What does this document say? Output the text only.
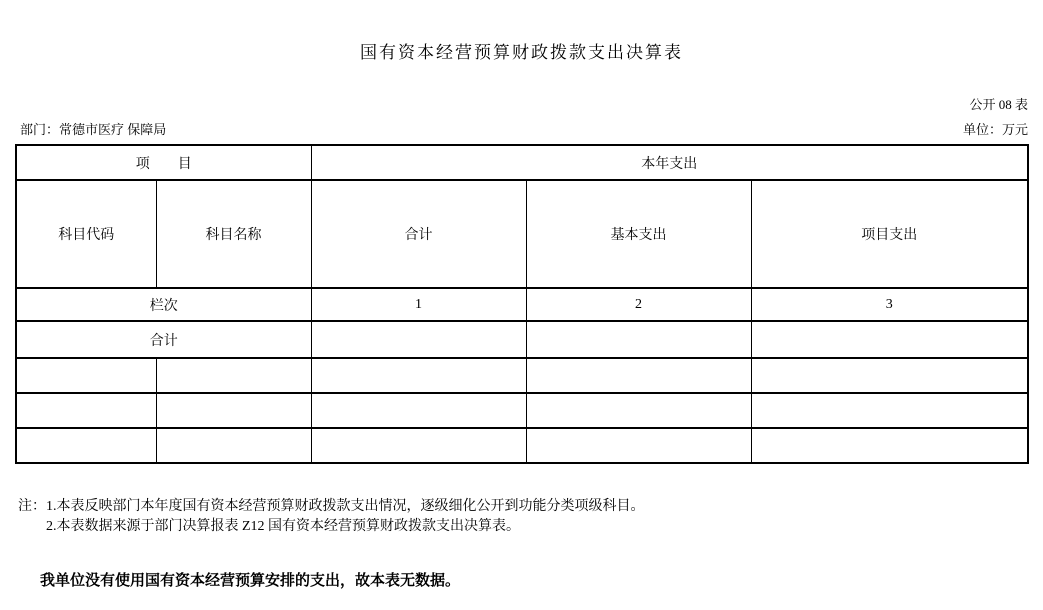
国有资本经营预算财政拨款支出决算表
公开 08 表
部门：常德市医疗 保障局	单位：万元
项　　目		本年支出		
科目代码	科目名称	合计	基本支出	项目支出
栏次		1	2	3
合计				

注：1.本表反映部门本年度国有资本经营预算财政拨款支出情况，逐级细化公开到功能分类项级科目。
2.本表数据来源于部门决算报表 Z12 国有资本经营预算财政拨款支出决算表。
我单位没有使用国有资本经营预算安排的支出，故本表无数据。
